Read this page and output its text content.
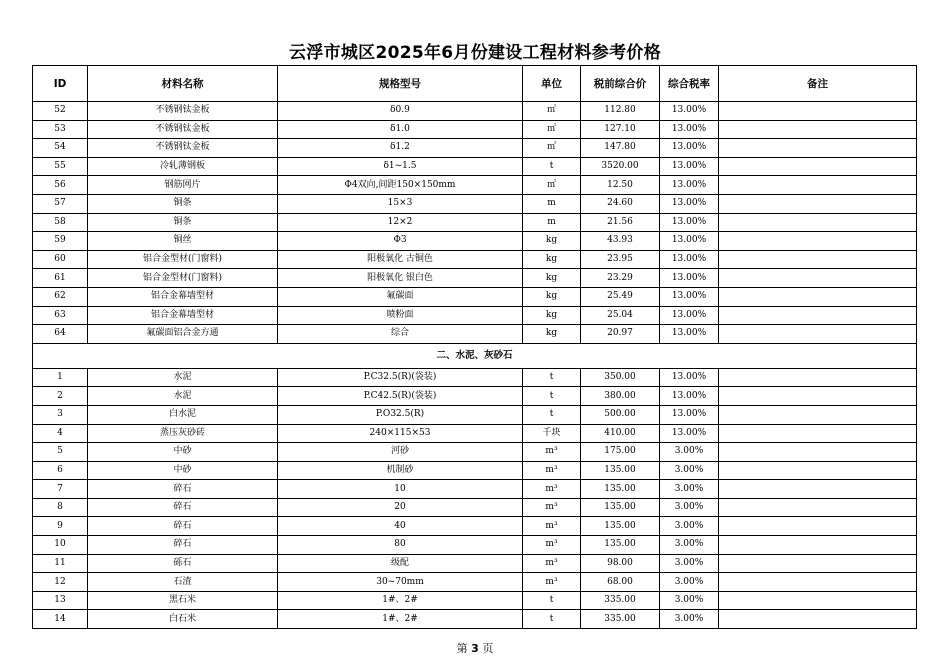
云浮市城区2025年6月份建设工程材料参考价格
ID	材料名称	规格型号	单位	税前综合价	综合税率	备注
52	不锈钢钛金板	δ0.9	㎡	112.80	13.00%	
53	不锈钢钛金板	δ1.0	㎡	127.10	13.00%	
54	不锈钢钛金板	δ1.2	㎡	147.80	13.00%	
55	冷轧薄钢板	δ1~1.5	t	3520.00	13.00%	
56	钢筋网片	Φ4双向,间距150×150mm	㎡	12.50	13.00%	
57	铜条	15×3	m	24.60	13.00%	
58	铜条	12×2	m	21.56	13.00%	
59	铜丝	Φ3	kg	43.93	13.00%	
60	铝合金型材(门窗料)	阳极氧化 古铜色	kg	23.95	13.00%	
61	铝合金型材(门窗料)	阳极氧化 银白色	kg	23.29	13.00%	
62	铝合金幕墙型材	氟碳面	kg	25.49	13.00%	
63	铝合金幕墙型材	喷粉面	kg	25.04	13.00%	
64	氟碳面铝合金方通	综合	kg	20.97	13.00%	
二、水泥、灰砂石						
1	水泥	P.C32.5(R)(袋装)	t	350.00	13.00%	
2	水泥	P.C42.5(R)(袋装)	t	380.00	13.00%	
3	白水泥	P.O32.5(R)	t	500.00	13.00%	
4	蒸压灰砂砖	240×115×53	千块	410.00	13.00%	
5	中砂	河砂	m³	175.00	3.00%	
6	中砂	机制砂	m³	135.00	3.00%	
7	碎石	10	m³	135.00	3.00%	
8	碎石	20	m³	135.00	3.00%	
9	碎石	40	m³	135.00	3.00%	
10	碎石	80	m³	135.00	3.00%	
11	砾石	级配	m³	98.00	3.00%	
12	石渣	30~70mm	m³	68.00	3.00%	
13	黑石米	1#、2#	t	335.00	3.00%	
14	白石米	1#、2#	t	335.00	3.00%	
第 3 页
